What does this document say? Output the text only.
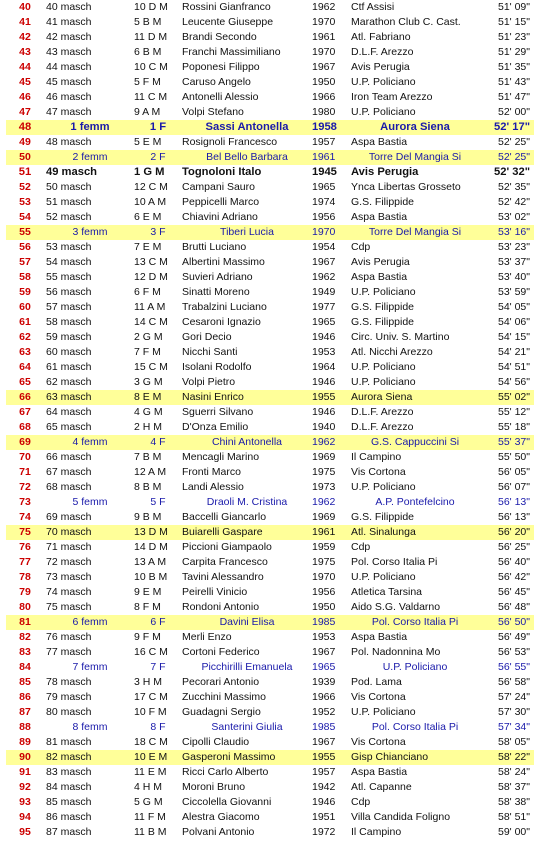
40	40 masch	10 D M	Rossini Gianfranco	1962	Ctf Assisi	51' 09"
41	41 masch	5 B M	Leucente Giuseppe	1970	Marathon Club C. Cast.	51' 15"
42	42 masch	11 D M	Brandi Secondo	1961	Atl. Fabriano	51' 23"
43	43 masch	6 B M	Franchi Massimiliano	1970	D.L.F. Arezzo	51' 29"
44	44 masch	10 C M	Poponesi Filippo	1967	Avis Perugia	51' 35"
45	45 masch	5 F M	Caruso Angelo	1950	U.P. Policiano	51' 43"
46	46 masch	11 C M	Antonelli Alessio	1966	Iron Team Arezzo	51' 47"
47	47 masch	9 A M	Volpi Stefano	1980	U.P. Policiano	52' 00"
48	1 femm	1 F	Sassi Antonella	1958	Aurora Siena	52' 17"
49	48 masch	5 E M	Rosignoli Francesco	1957	Aspa Bastia	52' 25"
50	2 femm	2 F	Bel Bello Barbara	1961	Torre Del Mangia Si	52' 25"
51	49 masch	1 G M	Tognoloni Italo	1945	Avis Perugia	52' 32"
52	50 masch	12 C M	Campani Sauro	1965	Ynca Libertas Grosseto	52' 35"
53	51 masch	10 A M	Peppicelli Marco	1974	G.S. Filippide	52' 42"
54	52 masch	6 E M	Chiavini Adriano	1956	Aspa Bastia	53' 02"
55	3 femm	3 F	Tiberi Lucia	1970	Torre Del Mangia Si	53' 16"
56	53 masch	7 E M	Brutti Luciano	1954	Cdp	53' 23"
57	54 masch	13 C M	Albertini Massimo	1967	Avis Perugia	53' 37"
58	55 masch	12 D M	Suvieri Adriano	1962	Aspa Bastia	53' 40"
59	56 masch	6 F M	Sinatti Moreno	1949	U.P. Policiano	53' 59"
60	57 masch	11 A M	Trabalzini Luciano	1977	G.S. Filippide	54' 05"
61	58 masch	14 C M	Cesaroni Ignazio	1965	G.S. Filippide	54' 06"
62	59 masch	2 G M	Gori Decio	1946	Circ. Univ. S. Martino	54' 15"
63	60 masch	7 F M	Nicchi Santi	1953	Atl. Nicchi Arezzo	54' 21"
64	61 masch	15 C M	Isolani Rodolfo	1964	U.P. Policiano	54' 51"
65	62 masch	3 G M	Volpi Pietro	1946	U.P. Policiano	54' 56"
66	63 masch	8 E M	Nasini Enrico	1955	Aurora Siena	55' 02"
67	64 masch	4 G M	Sguerri Silvano	1946	D.L.F. Arezzo	55' 12"
68	65 masch	2 H M	D'Onza Emilio	1940	D.L.F. Arezzo	55' 18"
69	4 femm	4 F	Chini Antonella	1962	G.S. Cappuccini Si	55' 37"
70	66 masch	7 B M	Mencagli Marino	1969	Il Campino	55' 50"
71	67 masch	12 A M	Fronti Marco	1975	Vis Cortona	56' 05"
72	68 masch	8 B M	Landi Alessio	1973	U.P. Policiano	56' 07"
73	5 femm	5 F	Draoli M. Cristina	1962	A.P. Pontefelcino	56' 13"
74	69 masch	9 B M	Baccelli Giancarlo	1969	G.S. Filippide	56' 13"
75	70 masch	13 D M	Buiarelli Gaspare	1961	Atl. Sinalunga	56' 20"
76	71 masch	14 D M	Piccioni Giampaolo	1959	Cdp	56' 25"
77	72 masch	13 A M	Carpita Francesco	1975	Pol. Corso Italia Pi	56' 40"
78	73 masch	10 B M	Tavini Alessandro	1970	U.P. Policiano	56' 42"
79	74 masch	9 E M	Peirelli Vinicio	1956	Atletica Tarsina	56' 45"
80	75 masch	8 F M	Rondoni Antonio	1950	Aido S.G. Valdarno	56' 48"
81	6 femm	6 F	Davini Elisa	1985	Pol. Corso Italia Pi	56' 50"
82	76 masch	9 F M	Merli Enzo	1953	Aspa Bastia	56' 49"
83	77 masch	16 C M	Cortoni Federico	1967	Pol. Nadonnina Mo	56' 53"
84	7 femm	7 F	Picchirilli Emanuela	1965	U.P. Policiano	56' 55"
85	78 masch	3 H M	Pecorari Antonio	1939	Pod. Lama	56' 58"
86	79 masch	17 C M	Zucchini Massimo	1966	Vis Cortona	57' 24"
87	80 masch	10 F M	Guadagni Sergio	1952	U.P. Policiano	57' 30"
88	8 femm	8 F	Santerini Giulia	1985	Pol. Corso Italia Pi	57' 34"
89	81 masch	18 C M	Cipolli Claudio	1967	Vis Cortona	58' 05"
90	82 masch	10 E M	Gasperoni Massimo	1955	Gisp Chianciano	58' 22"
91	83 masch	11 E M	Ricci Carlo Alberto	1957	Aspa Bastia	58' 24"
92	84 masch	4 H M	Moroni Bruno	1942	Atl. Capanne	58' 37"
93	85 masch	5 G M	Ciccolella Giovanni	1946	Cdp	58' 38"
94	86 masch	11 F M	Alestra Giacomo	1951	Villa Candida Foligno	58' 51"
95	87 masch	11 B M	Polvani Antonio	1972	Il Campino	59' 00"
